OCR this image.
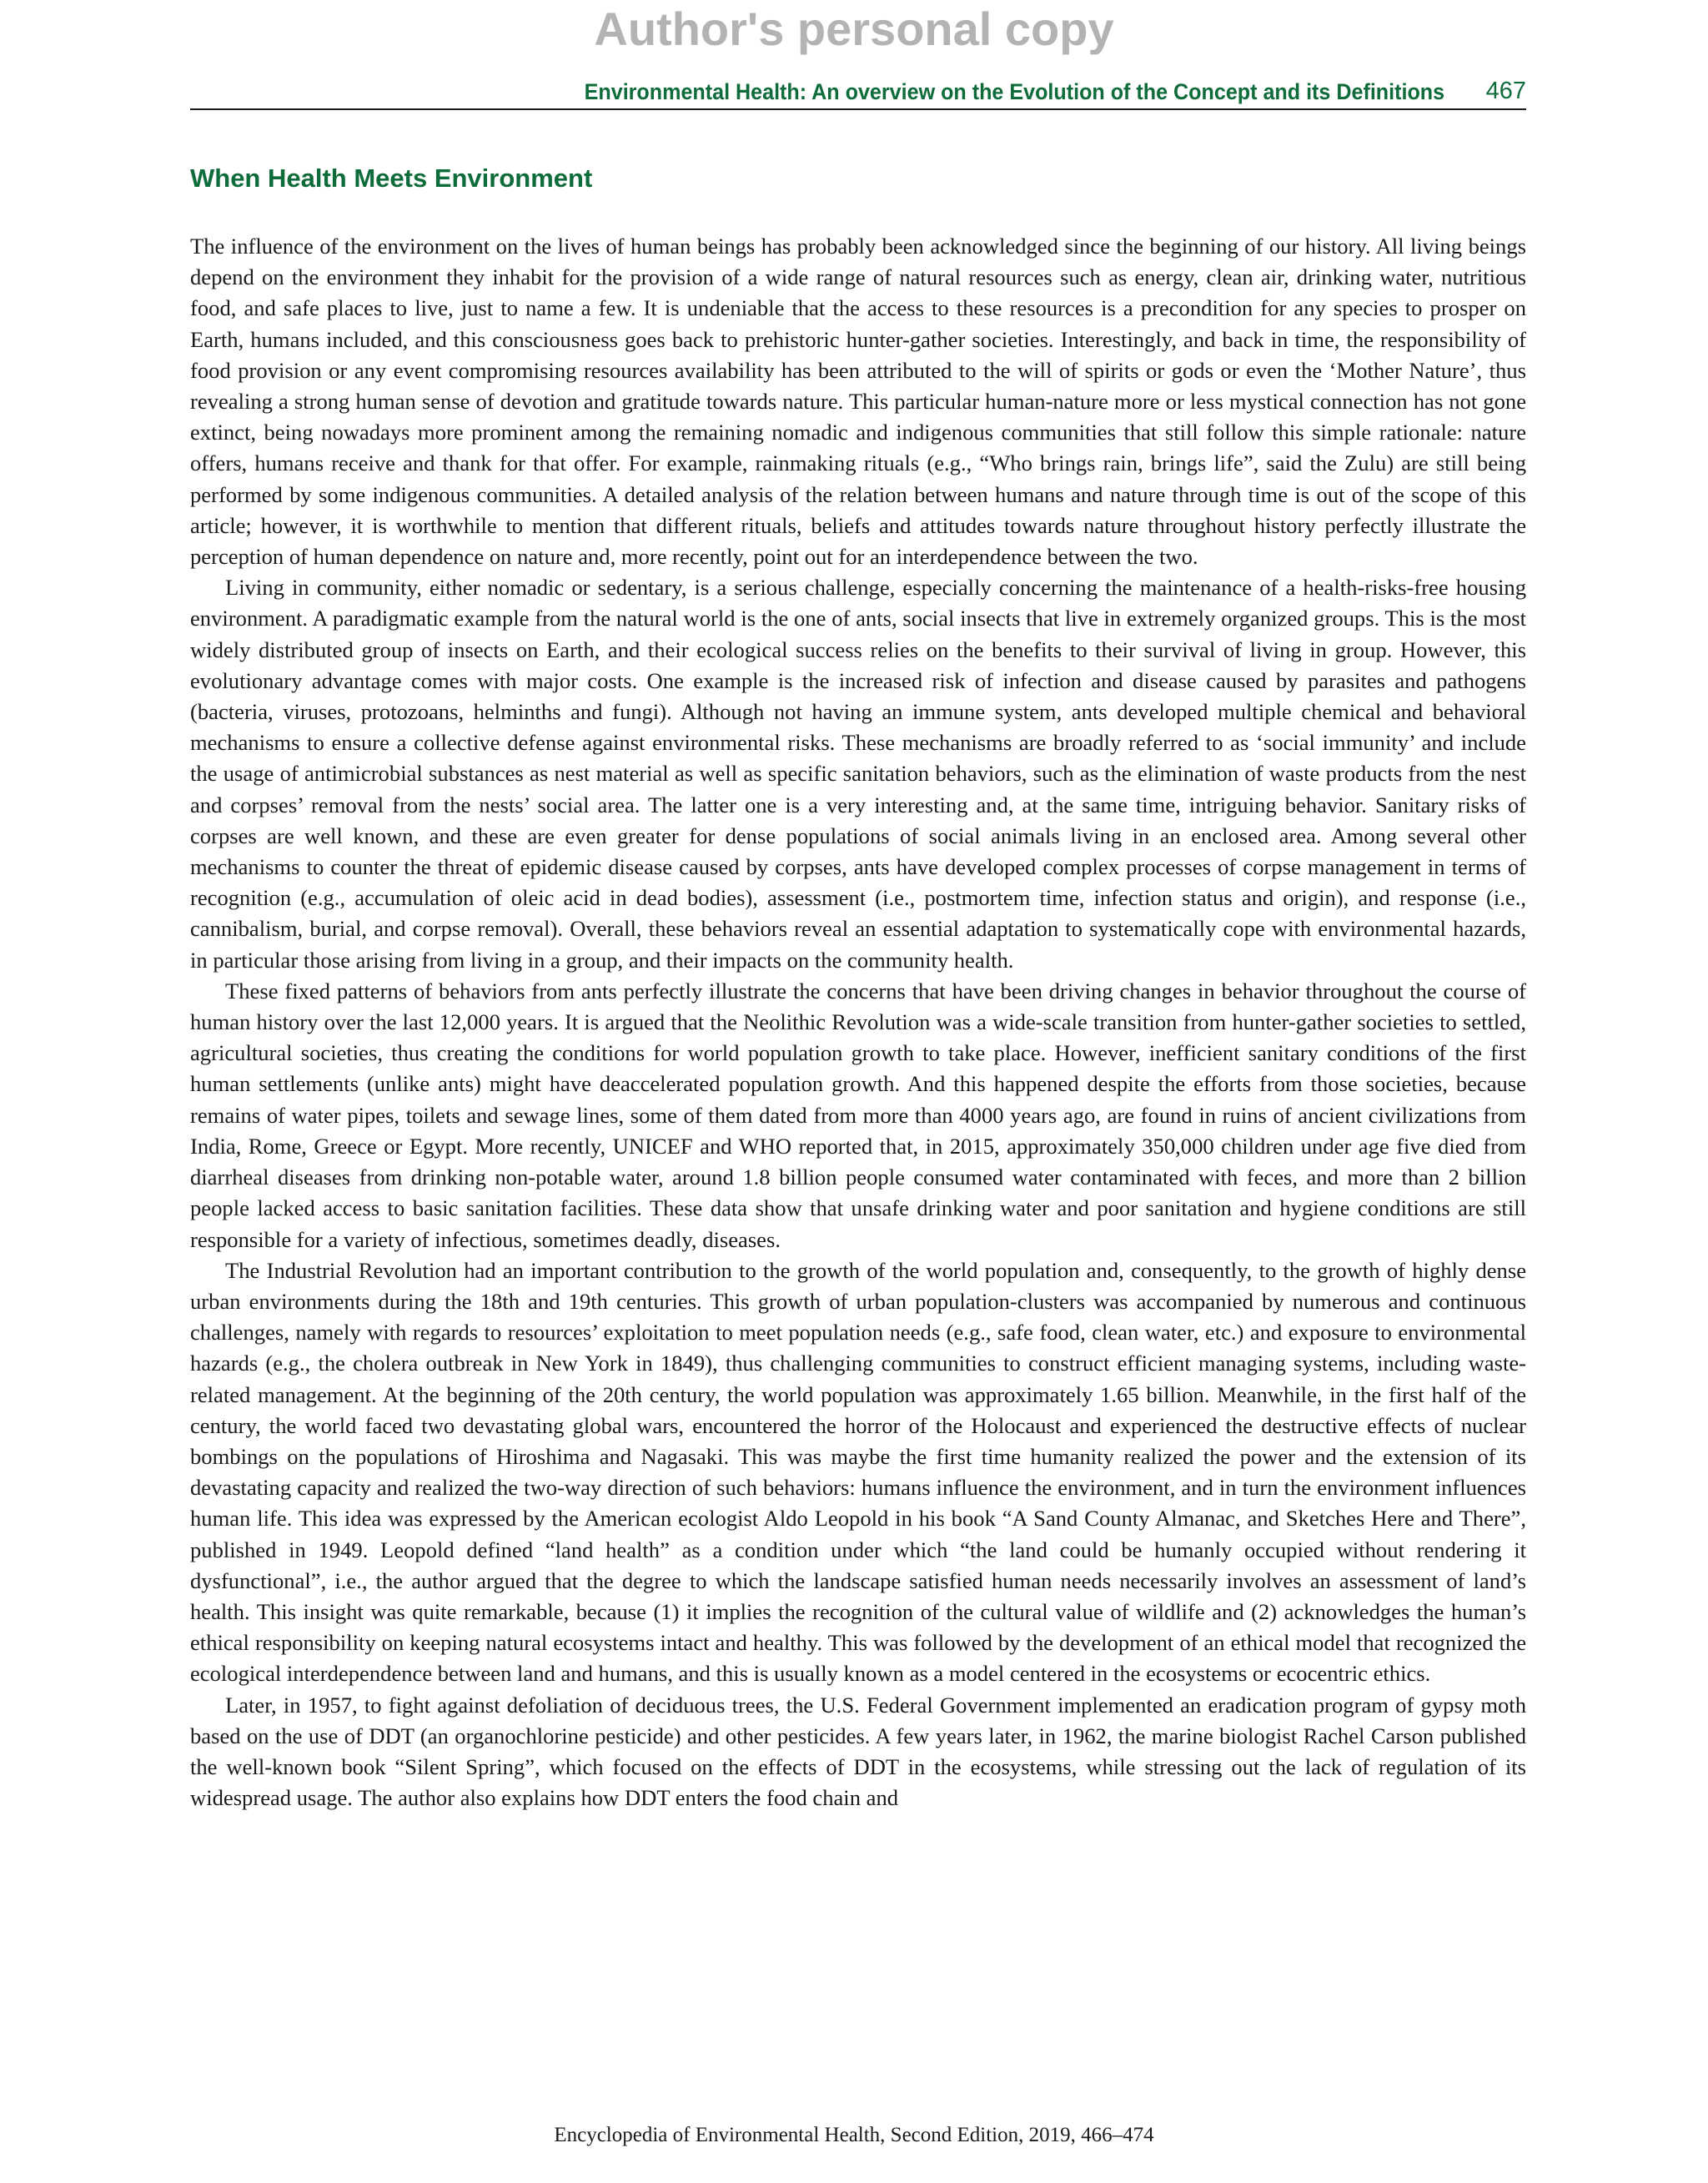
Author's personal copy
Environmental Health: An overview on the Evolution of the Concept and its Definitions 467
When Health Meets Environment

The influence of the environment on the lives of human beings has probably been acknowledged since the beginning of our history. All living beings depend on the environment they inhabit for the provision of a wide range of natural resources such as energy, clean air, drinking water, nutritious food, and safe places to live, just to name a few. It is undeniable that the access to these resources is a precondition for any species to prosper on Earth, humans included, and this consciousness goes back to prehistoric hunter-gather societies. Interestingly, and back in time, the responsibility of food provision or any event compromising resources availability has been attributed to the will of spirits or gods or even the ‘Mother Nature’, thus revealing a strong human sense of devotion and gratitude towards nature. This particular human-nature more or less mystical connection has not gone extinct, being nowadays more prominent among the remaining nomadic and indigenous communities that still follow this simple rationale: nature offers, humans receive and thank for that offer. For example, rainmaking rituals (e.g., “Who brings rain, brings life”, said the Zulu) are still being performed by some indigenous communities. A detailed analysis of the relation between humans and nature through time is out of the scope of this article; however, it is worthwhile to mention that different rituals, beliefs and attitudes towards nature throughout history perfectly illustrate the perception of human dependence on nature and, more recently, point out for an interdependence between the two.

Living in community, either nomadic or sedentary, is a serious challenge, especially concerning the maintenance of a health-risks-free housing environment. A paradigmatic example from the natural world is the one of ants, social insects that live in extremely organized groups. This is the most widely distributed group of insects on Earth, and their ecological success relies on the benefits to their survival of living in group. However, this evolutionary advantage comes with major costs. One example is the increased risk of infection and disease caused by parasites and pathogens (bacteria, viruses, protozoans, helminths and fungi). Although not having an immune system, ants developed multiple chemical and behavioral mechanisms to ensure a collective defense against environmental risks. These mechanisms are broadly referred to as ‘social immunity’ and include the usage of antimicrobial substances as nest material as well as specific sanitation behaviors, such as the elimination of waste products from the nest and corpses’ removal from the nests’ social area. The latter one is a very interesting and, at the same time, intriguing behavior. Sanitary risks of corpses are well known, and these are even greater for dense populations of social animals living in an enclosed area. Among several other mechanisms to counter the threat of epidemic disease caused by corpses, ants have developed complex processes of corpse management in terms of recognition (e.g., accumulation of oleic acid in dead bodies), assessment (i.e., postmortem time, infection status and origin), and response (i.e., cannibalism, burial, and corpse removal). Overall, these behaviors reveal an essential adaptation to systematically cope with environmental hazards, in particular those arising from living in a group, and their impacts on the community health.

These fixed patterns of behaviors from ants perfectly illustrate the concerns that have been driving changes in behavior throughout the course of human history over the last 12,000 years. It is argued that the Neolithic Revolution was a wide-scale transition from hunter-gather societies to settled, agricultural societies, thus creating the conditions for world population growth to take place. However, inefficient sanitary conditions of the first human settlements (unlike ants) might have deaccelerated population growth. And this happened despite the efforts from those societies, because remains of water pipes, toilets and sewage lines, some of them dated from more than 4000 years ago, are found in ruins of ancient civilizations from India, Rome, Greece or Egypt. More recently, UNICEF and WHO reported that, in 2015, approximately 350,000 children under age five died from diarrheal diseases from drinking non-potable water, around 1.8 billion people consumed water contaminated with feces, and more than 2 billion people lacked access to basic sanitation facilities. These data show that unsafe drinking water and poor sanitation and hygiene conditions are still responsible for a variety of infectious, sometimes deadly, diseases.

The Industrial Revolution had an important contribution to the growth of the world population and, consequently, to the growth of highly dense urban environments during the 18th and 19th centuries. This growth of urban population-clusters was accompanied by numerous and continuous challenges, namely with regards to resources’ exploitation to meet population needs (e.g., safe food, clean water, etc.) and exposure to environmental hazards (e.g., the cholera outbreak in New York in 1849), thus challenging communities to construct efficient managing systems, including waste-related management. At the beginning of the 20th century, the world population was approximately 1.65 billion. Meanwhile, in the first half of the century, the world faced two devastating global wars, encountered the horror of the Holocaust and experienced the destructive effects of nuclear bombings on the populations of Hiroshima and Nagasaki. This was maybe the first time humanity realized the power and the extension of its devastating capacity and realized the two-way direction of such behaviors: humans influence the environment, and in turn the environment influences human life. This idea was expressed by the American ecologist Aldo Leopold in his book “A Sand County Almanac, and Sketches Here and There”, published in 1949. Leopold defined “land health” as a condition under which “the land could be humanly occupied without rendering it dysfunctional”, i.e., the author argued that the degree to which the landscape satisfied human needs necessarily involves an assessment of land’s health. This insight was quite remarkable, because (1) it implies the recognition of the cultural value of wildlife and (2) acknowledges the human’s ethical responsibility on keeping natural ecosystems intact and healthy. This was followed by the development of an ethical model that recognized the ecological interdependence between land and humans, and this is usually known as a model centered in the ecosystems or ecocentric ethics.

Later, in 1957, to fight against defoliation of deciduous trees, the U.S. Federal Government implemented an eradication program of gypsy moth based on the use of DDT (an organochlorine pesticide) and other pesticides. A few years later, in 1962, the marine biologist Rachel Carson published the well-known book “Silent Spring”, which focused on the effects of DDT in the ecosystems, while stressing out the lack of regulation of its widespread usage. The author also explains how DDT enters the food chain and

Encyclopedia of Environmental Health, Second Edition, 2019, 466–474
